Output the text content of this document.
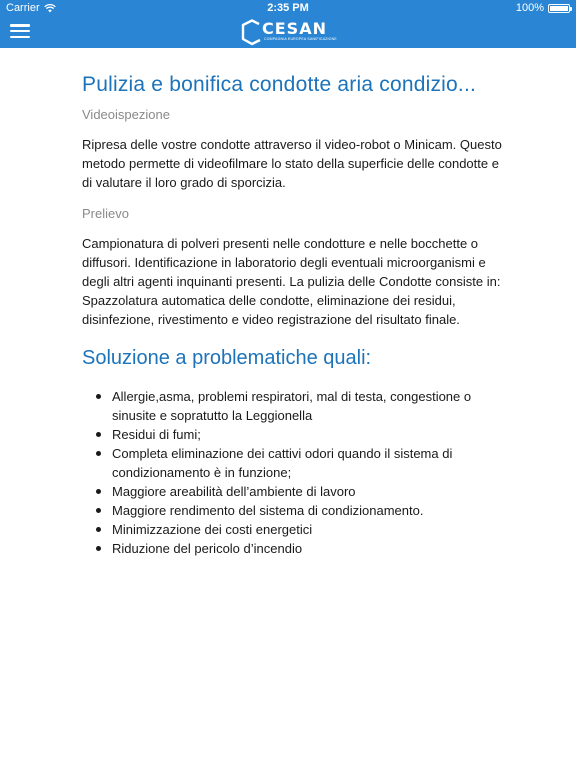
Carrier	2:35 PM	100%
CESAN
COMPAGNIA EUROPEA SANIFICAZIONE
Pulizia e bonifica condotte aria condizio...
Videoispezione
Ripresa delle vostre condotte attraverso il video-robot o Minicam. Questo metodo permette di videofilmare lo stato della superficie delle condotte e di valutare il loro grado di sporcizia.
Prelievo
Campionatura di polveri presenti nelle condotture e nelle bocchette o diffusori. Identificazione in laboratorio degli eventuali microorganismi e degli altri agenti inquinanti presenti. La pulizia delle Condotte consiste in: Spazzolatura automatica delle condotte, eliminazione dei residui, disinfezione, rivestimento e video registrazione del risultato finale.
Soluzione a problematiche quali:
Allergie,asma, problemi respiratori, mal di testa, congestione o sinusite e sopratutto la Leggionella
Residui di fumi;
Completa eliminazione dei cattivi odori quando il sistema di condizionamento è in funzione;
Maggiore areabilità dell’ambiente di lavoro
Maggiore rendimento del sistema di condizionamento.
Minimizzazione dei costi energetici
Riduzione del pericolo d’incendio
